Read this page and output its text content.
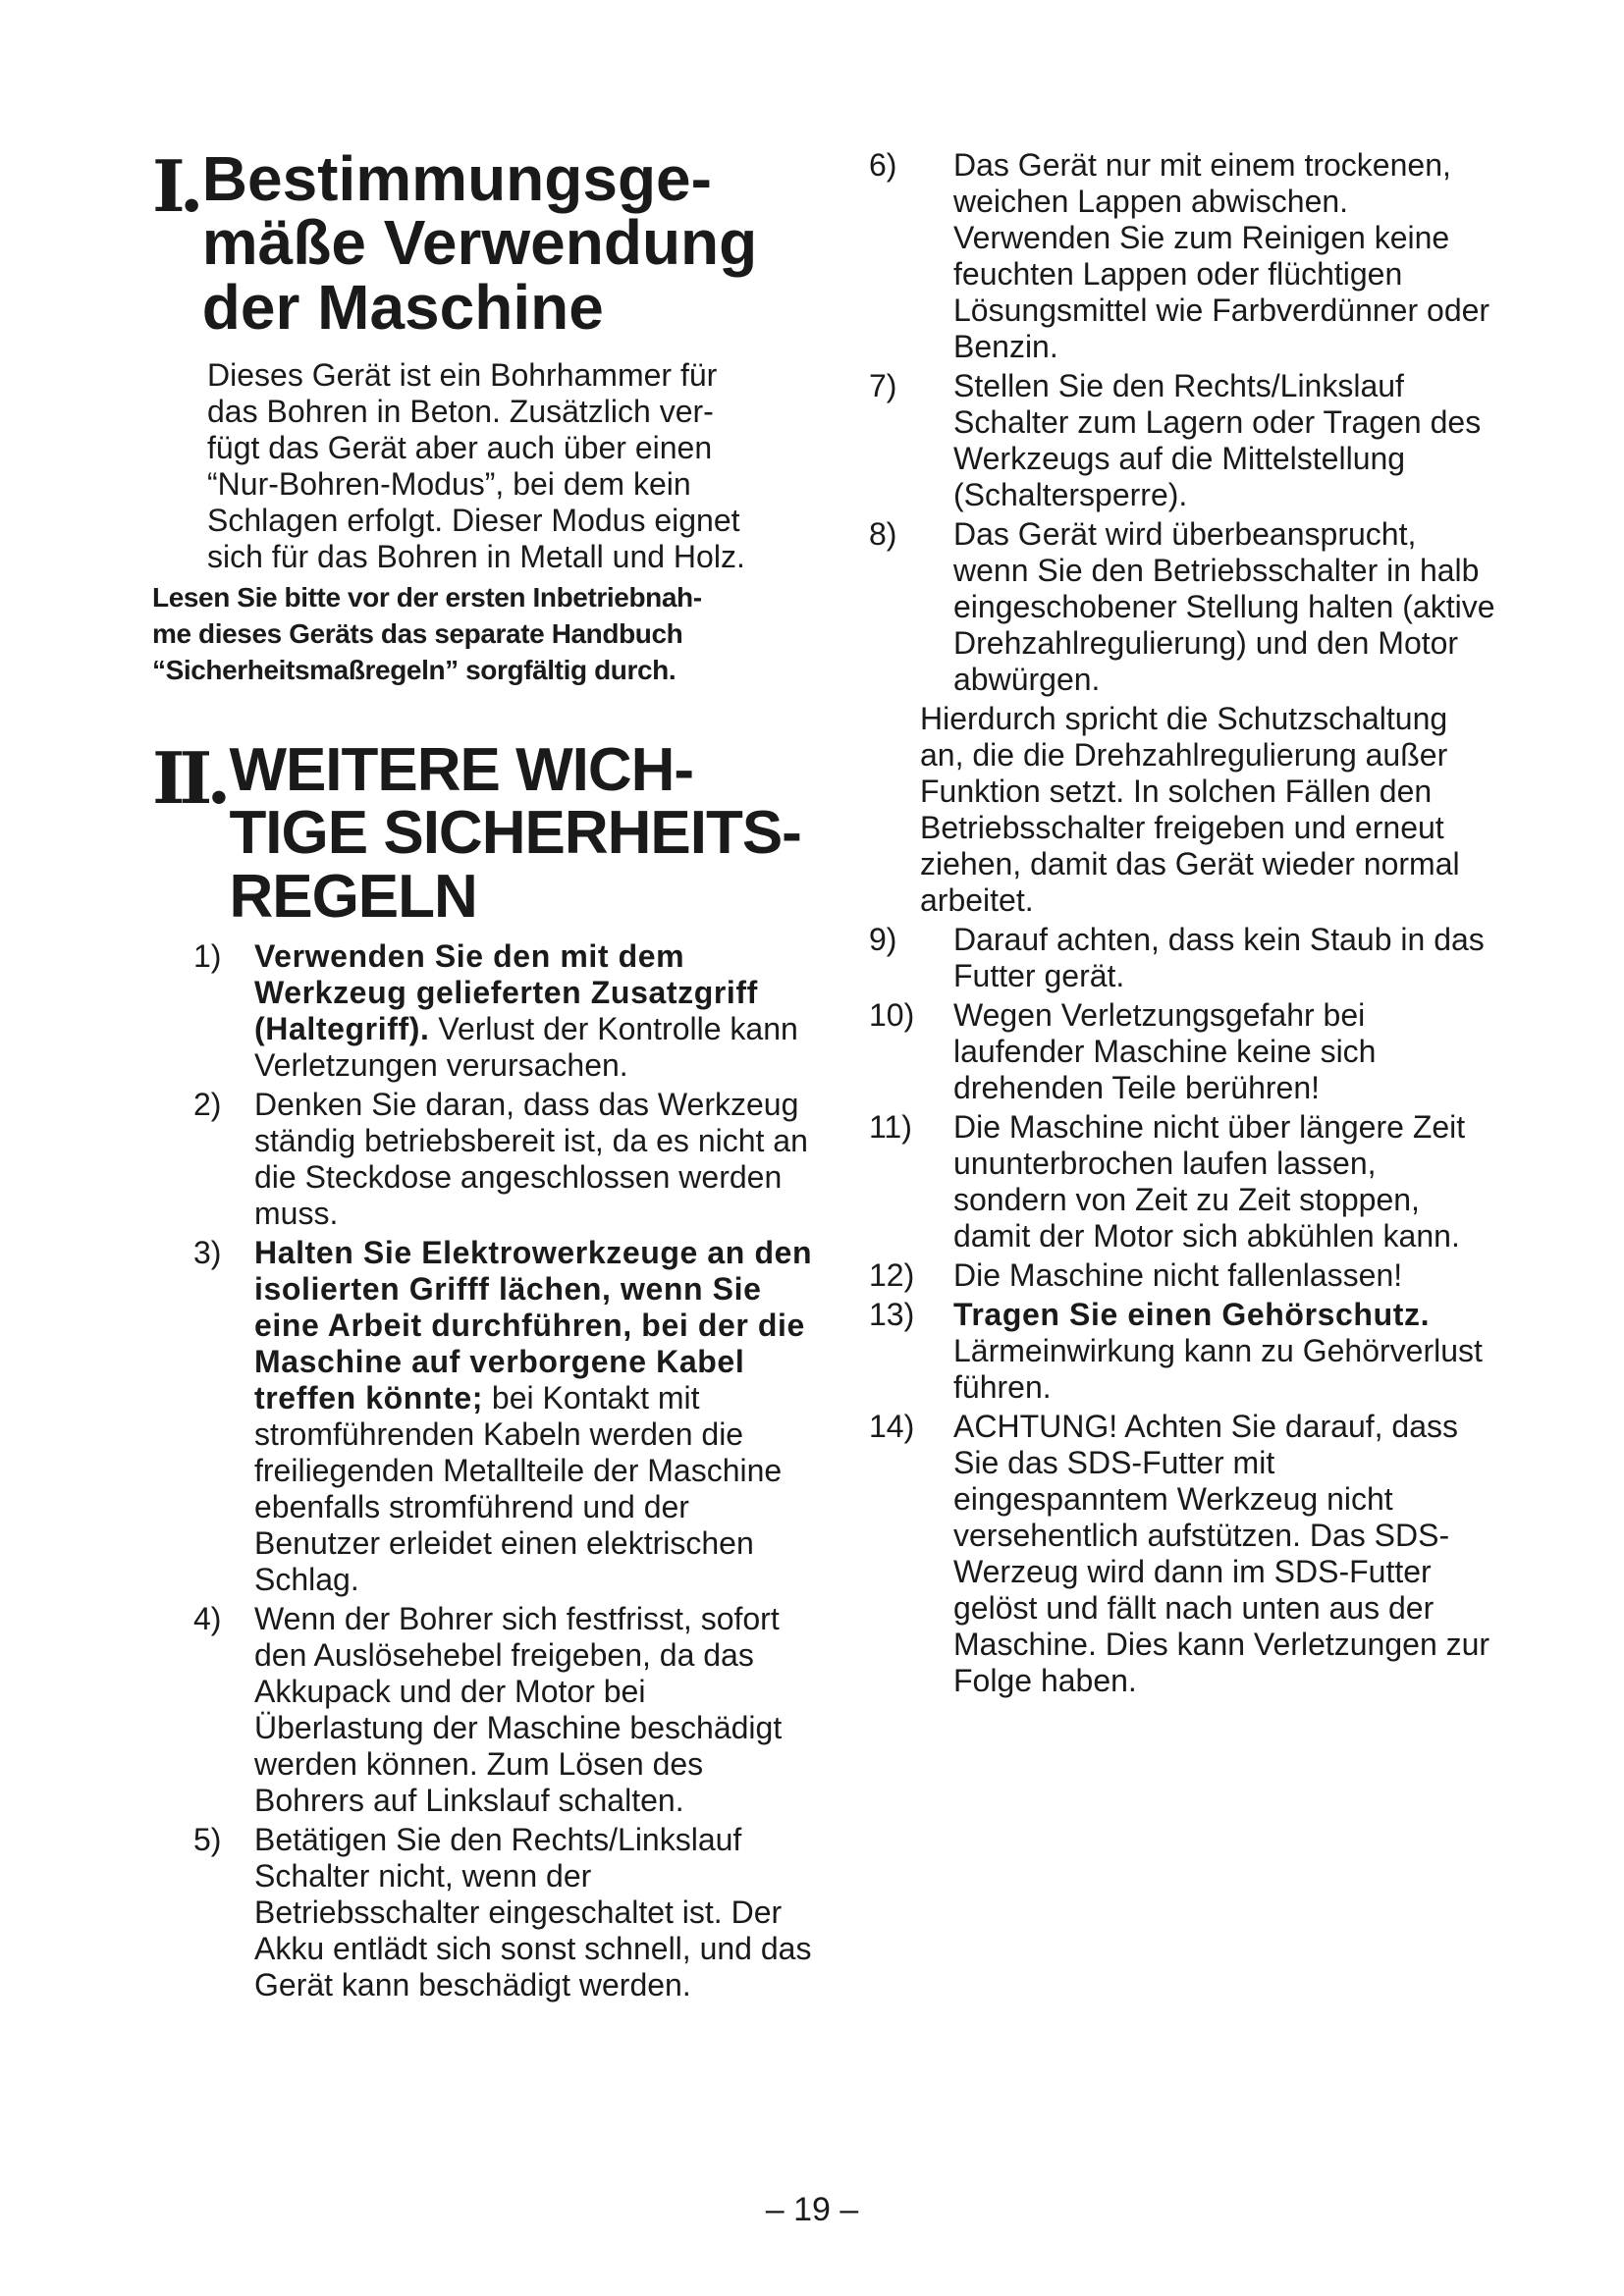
I. Bestimmungsge-
mäße Verwendung
der Maschine
Dieses Gerät ist ein Bohrhammer für
das Bohren in Beton. Zusätzlich ver-
fügt das Gerät aber auch über einen
“Nur-Bohren-Modus”, bei dem kein
Schlagen erfolgt. Dieser Modus eignet
sich für das Bohren in Metall und Holz.
Lesen Sie bitte vor der ersten Inbetriebnah-
me dieses Geräts das separate Handbuch
“Sicherheitsmaßregeln” sorgfältig durch.
II. WEITERE WICH-
TIGE SICHERHEITS-
REGELN
1)	Verwenden Sie den mit dem Werkzeug gelieferten Zusatzgriff (Haltegriff). Verlust der Kontrolle kann Verletzungen verursachen.
2)	Denken Sie daran, dass das Werkzeug ständig betriebsbereit ist, da es nicht an die Steckdose angeschlossen werden muss.
3)	Halten Sie Elektrowerkzeuge an den isolierten Grifff lächen, wenn Sie eine Arbeit durchführen, bei der die Maschine auf verborgene Kabel treffen könnte; bei Kontakt mit stromführenden Kabeln werden die freiliegenden Metallteile der Maschine ebenfalls stromführend und der Benutzer erleidet einen elektrischen Schlag.
4)	Wenn der Bohrer sich festfrisst, sofort den Auslösehebel freigeben, da das Akkupack und der Motor bei Überlastung der Maschine beschädigt werden können. Zum Lösen des Bohrers auf Linkslauf schalten.
5)	Betätigen Sie den Rechts/Linkslauf Schalter nicht, wenn der Betriebsschalter eingeschaltet ist. Der Akku entlädt sich sonst schnell, und das Gerät kann beschädigt werden.
6)	Das Gerät nur mit einem trockenen, weichen Lappen abwischen. Verwenden Sie zum Reinigen keine feuchten Lappen oder flüchtigen Lösungsmittel wie Farbverdünner oder Benzin.
7)	Stellen Sie den Rechts/Linkslauf Schalter zum Lagern oder Tragen des Werkzeugs auf die Mittelstellung (Schaltersperre).
8)	Das Gerät wird überbeansprucht, wenn Sie den Betriebsschalter in halb eingeschobener Stellung halten (aktive Drehzahlregulierung) und den Motor abwürgen.
Hierdurch spricht die Schutzschaltung an, die die Drehzahlregulierung außer Funktion setzt. In solchen Fällen den Betriebsschalter freigeben und erneut ziehen, damit das Gerät wieder normal arbeitet.
9)	Darauf achten, dass kein Staub in das Futter gerät.
10)	Wegen Verletzungsgefahr bei laufender Maschine keine sich drehenden Teile berühren!
11)	Die Maschine nicht über längere Zeit ununterbrochen laufen lassen, sondern von Zeit zu Zeit stoppen, damit der Motor sich abkühlen kann.
12)	Die Maschine nicht fallenlassen!
13)	Tragen Sie einen Gehörschutz. Lärmeinwirkung kann zu Gehörverlust führen.
14)	ACHTUNG! Achten Sie darauf, dass Sie das SDS-Futter mit eingespanntem Werkzeug nicht versehentlich aufstützen. Das SDS-Werzeug wird dann im SDS-Futter gelöst und fällt nach unten aus der Maschine. Dies kann Verletzungen zur Folge haben.
– 19 –
